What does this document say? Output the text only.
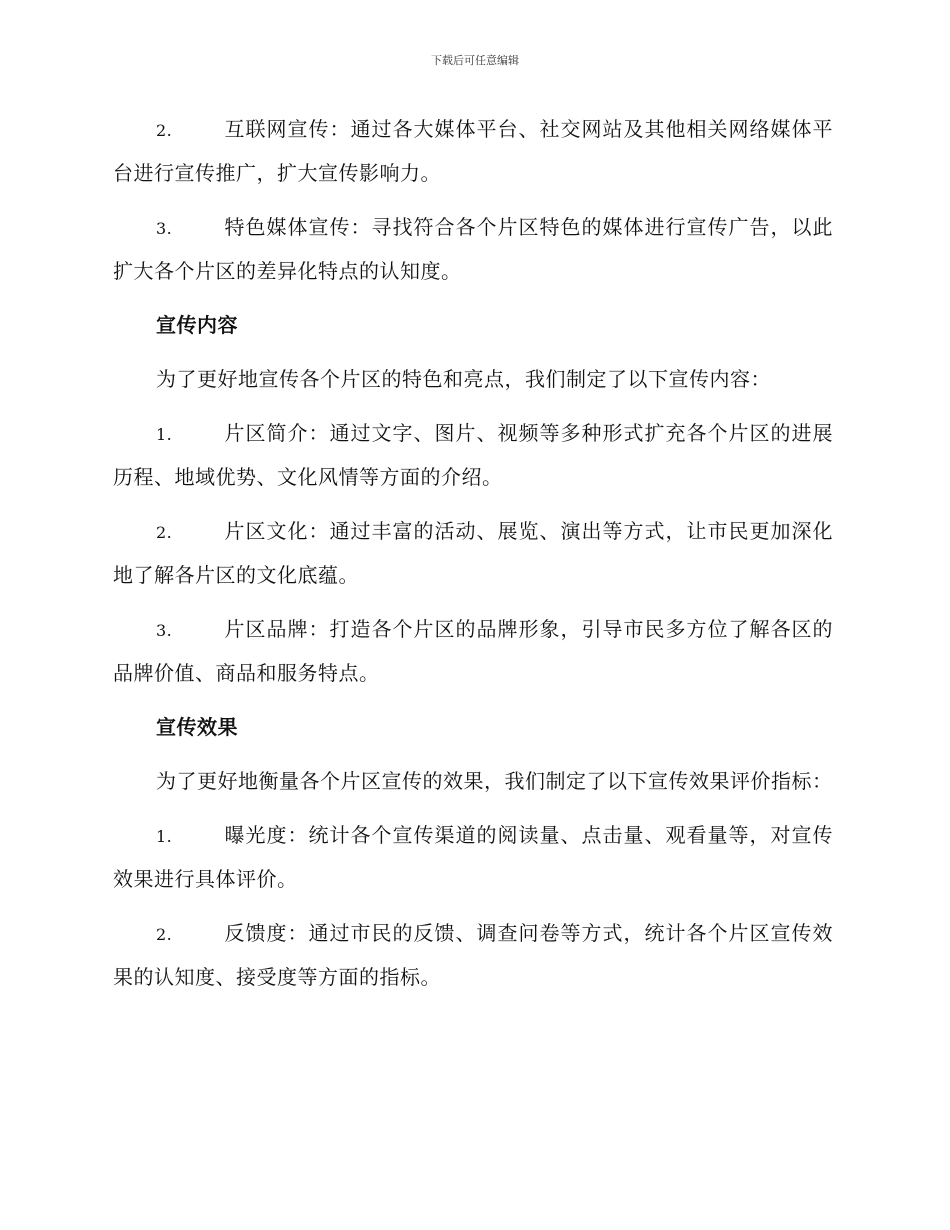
下载后可任意编辑

2.	互联网宣传：通过各大媒体平台、社交网站及其他相关网络媒体平台进行宣传推广，扩大宣传影响力。

3.	特色媒体宣传：寻找符合各个片区特色的媒体进行宣传广告，以此扩大各个片区的差异化特点的认知度。

宣传内容

为了更好地宣传各个片区的特色和亮点，我们制定了以下宣传内容：

1.	片区简介：通过文字、图片、视频等多种形式扩充各个片区的进展历程、地域优势、文化风情等方面的介绍。

2.	片区文化：通过丰富的活动、展览、演出等方式，让市民更加深化地了解各片区的文化底蕴。

3.	片区品牌：打造各个片区的品牌形象，引导市民多方位了解各区的品牌价值、商品和服务特点。

宣传效果

为了更好地衡量各个片区宣传的效果，我们制定了以下宣传效果评价指标：

1.	曝光度：统计各个宣传渠道的阅读量、点击量、观看量等，对宣传效果进行具体评价。

2.	反馈度：通过市民的反馈、调查问卷等方式，统计各个片区宣传效果的认知度、接受度等方面的指标。
